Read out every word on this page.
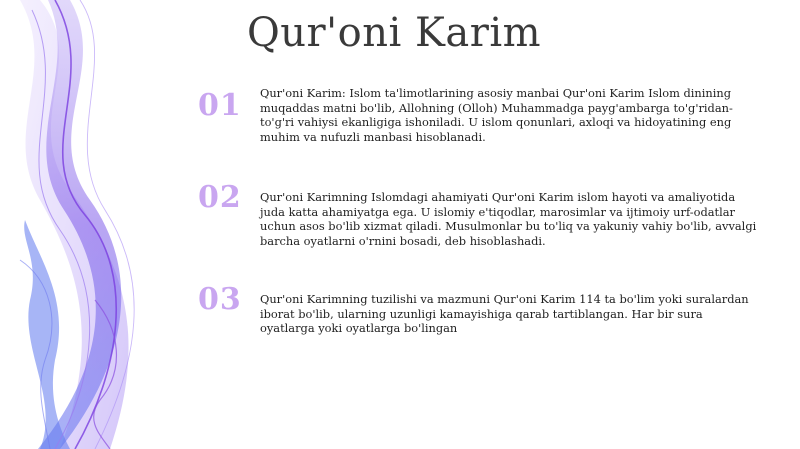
Qur'oni Karim
01 Qur'oni Karim: Islom ta'limotlarining asosiy manbai Qur'oni Karim Islom dinining muqaddas matni bo'lib, Allohning (Olloh) Muhammadga payg'ambarga to'g'ridan-to'g'ri vahiysi ekanligiga ishoniladi. U islom qonunlari, axloqi va hidoyatining eng muhim va nufuzli manbasi hisoblanadi.
02 Qur'oni Karimning Islomdagi ahamiyati Qur'oni Karim islom hayoti va amaliyotida juda katta ahamiyatga ega. U islomiy e'tiqodlar, marosimlar va ijtimoiy urf-odatlar uchun asos bo'lib xizmat qiladi. Musulmonlar bu to'liq va yakuniy vahiy bo'lib, avvalgi barcha oyatlarni o'rnini bosadi, deb hisoblashadi.
03 Qur'oni Karimning tuzilishi va mazmuni Qur'oni Karim 114 ta bo'lim yoki suralardan iborat bo'lib, ularning uzunligi kamayishiga qarab tartiblangan. Har bir sura oyatlarga yoki oyatlarga bo'lingan
